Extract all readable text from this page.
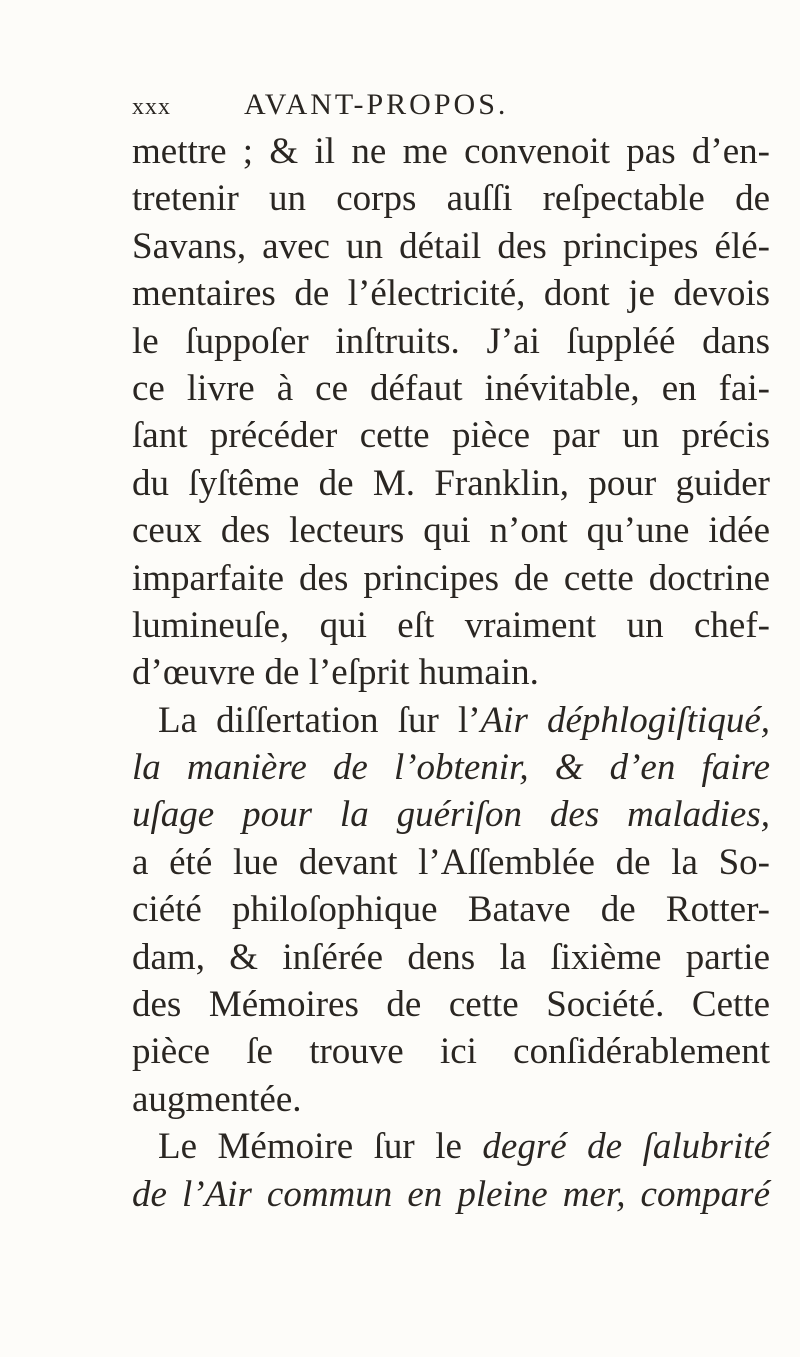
xxx AVANT-PROPOS.
mettre ; & il ne me convenoit pas d’en-
tretenir un corps auſſi reſpectable de
Savans, avec un détail des principes élé-
mentaires de l’électricité, dont je devois
le ſuppoſer inſtruits. J’ai ſuppléé dans
ce livre à ce défaut inévitable, en fai-
ſant précéder cette pièce par un précis
du ſyſtême de M. Franklin, pour guider
ceux des lecteurs qui n’ont qu’une idée
imparfaite des principes de cette doctrine
lumineuſe, qui eſt vraiment un chef-
d’œuvre de l’eſprit humain.
La diſſertation ſur l’Air déphlogiſtiqué,
la manière de l’obtenir, & d’en faire
uſage pour la guériſon des maladies,
a été lue devant l’Aſſemblée de la So-
ciété philoſophique Batave de Rotter-
dam, & inſérée dens la ſixième partie
des Mémoires de cette Société. Cette
pièce ſe trouve ici conſidérablement
augmentée.
Le Mémoire ſur le degré de ſalubrité
de l’Air commun en pleine mer, comparé
